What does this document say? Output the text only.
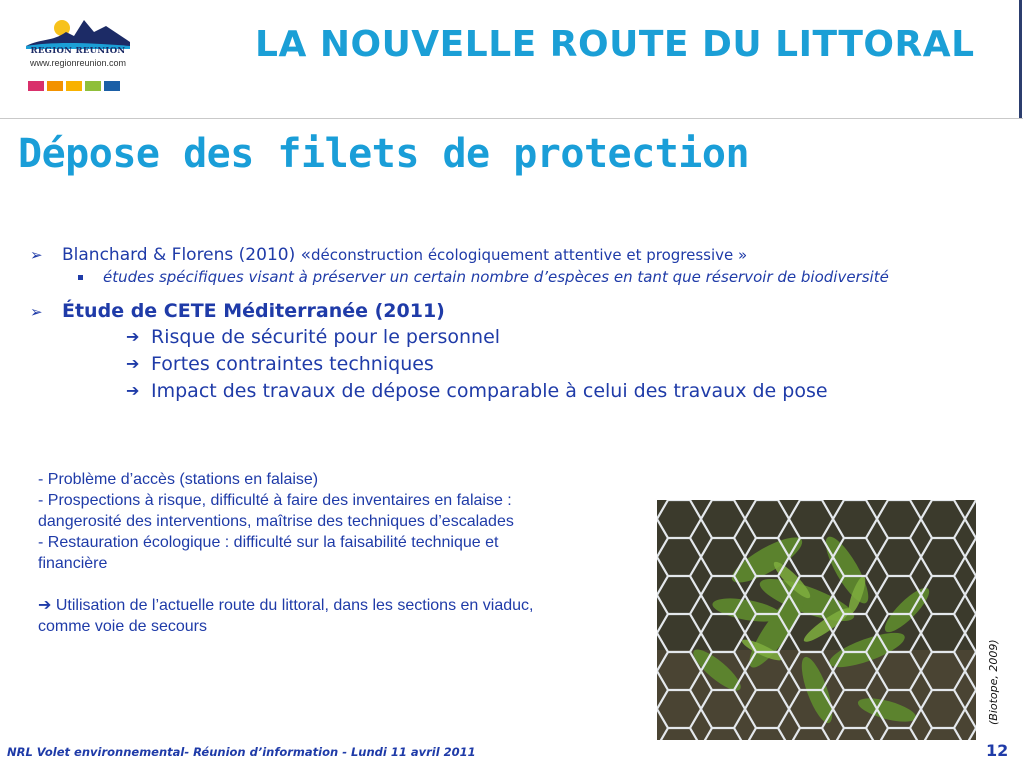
REGION REUNION
www.regionreunion.com	LA NOUVELLE ROUTE DU LITTORAL
Dépose des filets de protection
➢ Blanchard & Florens (2010) «déconstruction écologiquement attentive et progressive »
études spécifiques visant à préserver un certain nombre d’espèces en tant que réservoir de biodiversité
➢ Étude de CETE Méditerranée (2011)
➔ Risque de sécurité pour le personnel
➔ Fortes contraintes techniques
➔ Impact des travaux de dépose comparable à celui des travaux de pose

- Problème d’accès (stations en falaise)

- Prospections à risque, difficulté à faire des inventaires en falaise : dangerosité des interventions, maîtrise des techniques d’escalades

- Restauration écologique : difficulté sur la faisabilité technique et financière

➔ Utilisation de l’actuelle route du littoral, dans les sections en viaduc, comme voie de secours

(Biotope, 2009)
NRL Volet environnemental- Réunion d’information - Lundi 11 avril 2011	12
